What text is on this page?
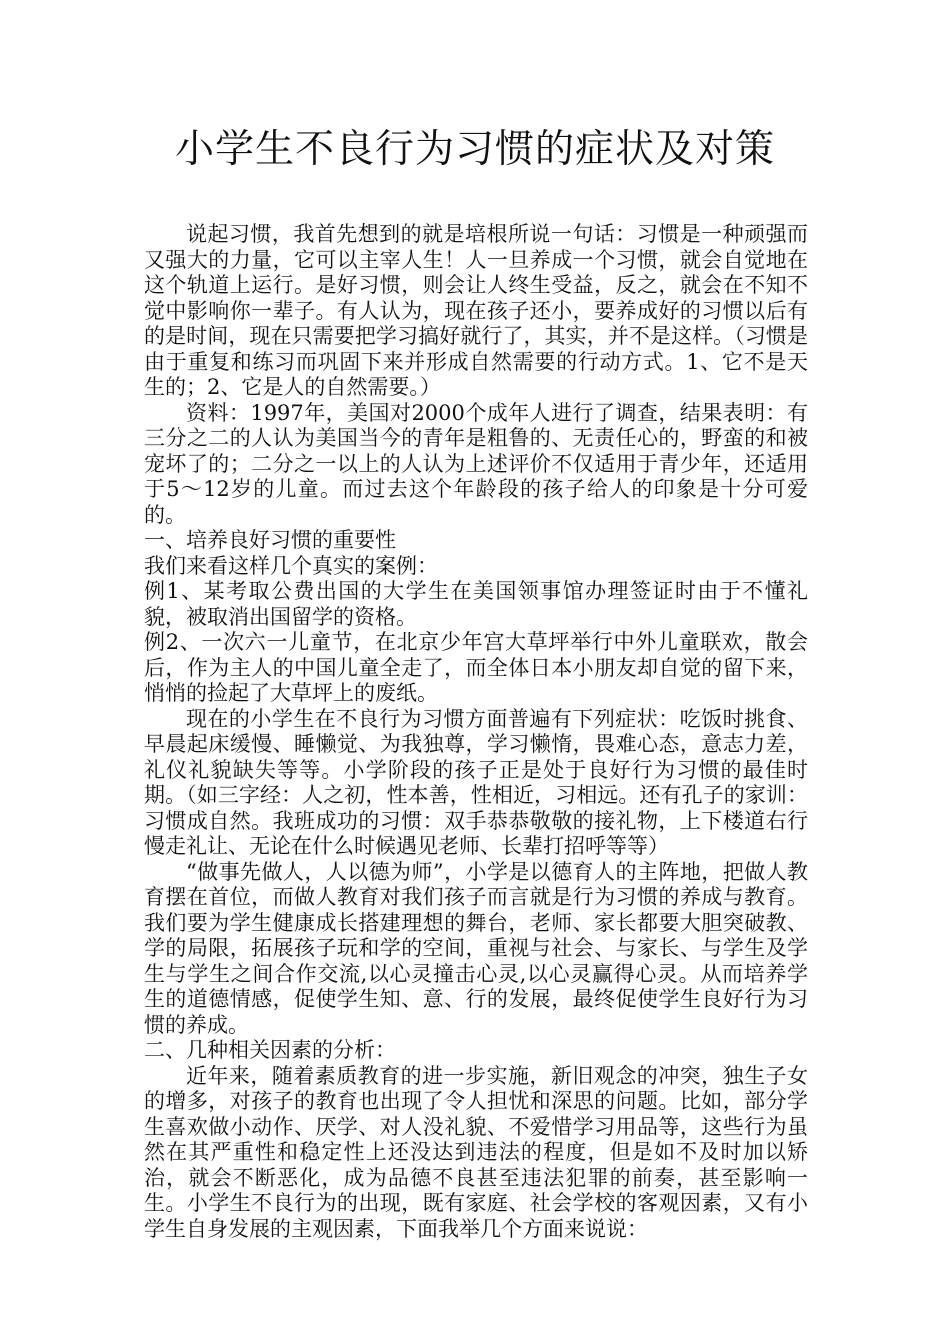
小学生不良行为习惯的症状及对策

说起习惯，我首先想到的就是培根所说一句话：习惯是一种顽强而又强大的力量，它可以主宰人生！人一旦养成一个习惯，就会自觉地在这个轨道上运行。是好习惯，则会让人终生受益，反之，就会在不知不觉中影响你一辈子。有人认为，现在孩子还小，要养成好的习惯以后有的是时间，现在只需要把学习搞好就行了，其实，并不是这样。（习惯是由于重复和练习而巩固下来并形成自然需要的行动方式。1、它不是天生的；2、它是人的自然需要。）

资料：1997年，美国对2000个成年人进行了调查，结果表明：有三分之二的人认为美国当今的青年是粗鲁的、无责任心的，野蛮的和被宠坏了的；二分之一以上的人认为上述评价不仅适用于青少年，还适用于5～12岁的儿童。而过去这个年龄段的孩子给人的印象是十分可爱的。

一、培养良好习惯的重要性

我们来看这样几个真实的案例：

例1、某考取公费出国的大学生在美国领事馆办理签证时由于不懂礼貌，被取消出国留学的资格。

例2、一次六一儿童节，在北京少年宫大草坪举行中外儿童联欢，散会后，作为主人的中国儿童全走了，而全体日本小朋友却自觉的留下来，悄悄的捡起了大草坪上的废纸。

现在的小学生在不良行为习惯方面普遍有下列症状：吃饭时挑食、早晨起床缓慢、睡懒觉、为我独尊，学习懒惰，畏难心态，意志力差，礼仪礼貌缺失等等。小学阶段的孩子正是处于良好行为习惯的最佳时期。（如三字经：人之初，性本善，性相近，习相远。还有孔子的家训：习惯成自然。我班成功的习惯：双手恭恭敬敬的接礼物，上下楼道右行慢走礼让、无论在什么时候遇见老师、长辈打招呼等等）

“做事先做人，人以德为师”，小学是以德育人的主阵地，把做人教育摆在首位，而做人教育对我们孩子而言就是行为习惯的养成与教育。 我们要为学生健康成长搭建理想的舞台，老师、家长都要大胆突破教、学的局限，拓展孩子玩和学的空间，重视与社会、与家长、与学生及学生与学生之间合作交流,以心灵撞击心灵,以心灵赢得心灵。从而培养学生的道德情感，促使学生知、意、行的发展，最终促使学生良好行为习惯的养成。

二、几种相关因素的分析：

近年来，随着素质教育的进一步实施，新旧观念的冲突，独生子女的增多，对孩子的教育也出现了令人担忧和深思的问题。比如，部分学生喜欢做小动作、厌学、对人没礼貌、不爱惜学习用品等，这些行为虽然在其严重性和稳定性上还没达到违法的程度，但是如不及时加以矫治，就会不断恶化，成为品德不良甚至违法犯罪的前奏，甚至影响一生。小学生不良行为的出现，既有家庭、社会学校的客观因素，又有小学生自身发展的主观因素，下面我举几个方面来说说：
